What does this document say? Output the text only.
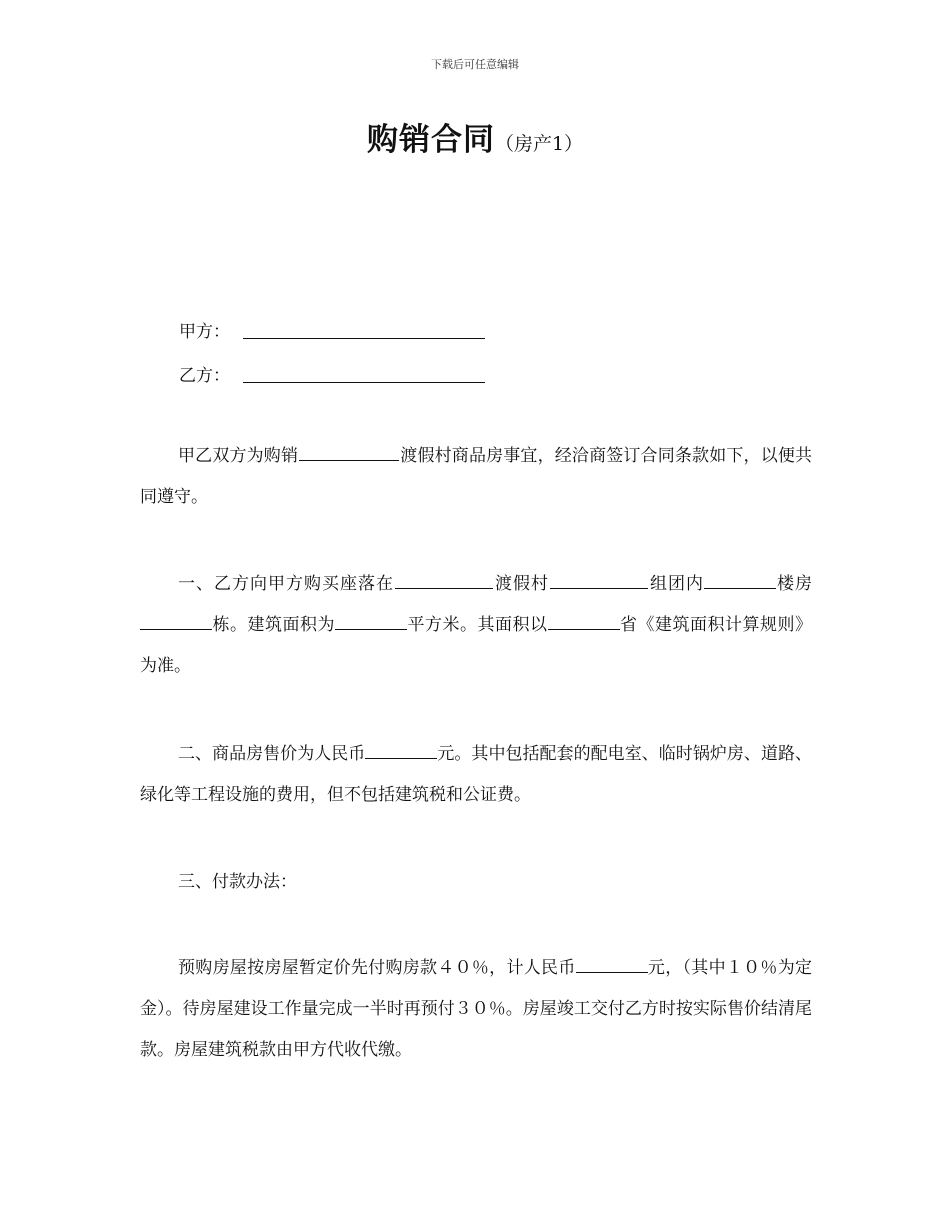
下载后可任意编辑
购销合同（房产1）
甲方：
乙方：

甲乙双方为购销	渡假村商品房事宜，经洽商签订合同条款如下，以便共同遵守。

一、乙方向甲方购买座落在	渡假村	组团内	楼房栋。建筑面积为	平方米。其面积以	省《建筑面积计算规则》为准。

二、商品房售价为人民币	元。其中包括配套的配电室、临时锅炉房、道路、绿化等工程设施的费用，但不包括建筑税和公证费。

三、付款办法：

预购房屋按房屋暂定价先付购房款４０％，计人民币	元，（其中１０％为定金）。待房屋建设工作量完成一半时再预付３０％。房屋竣工交付乙方时按实际售价结清尾款。房屋建筑税款由甲方代收代缴。
